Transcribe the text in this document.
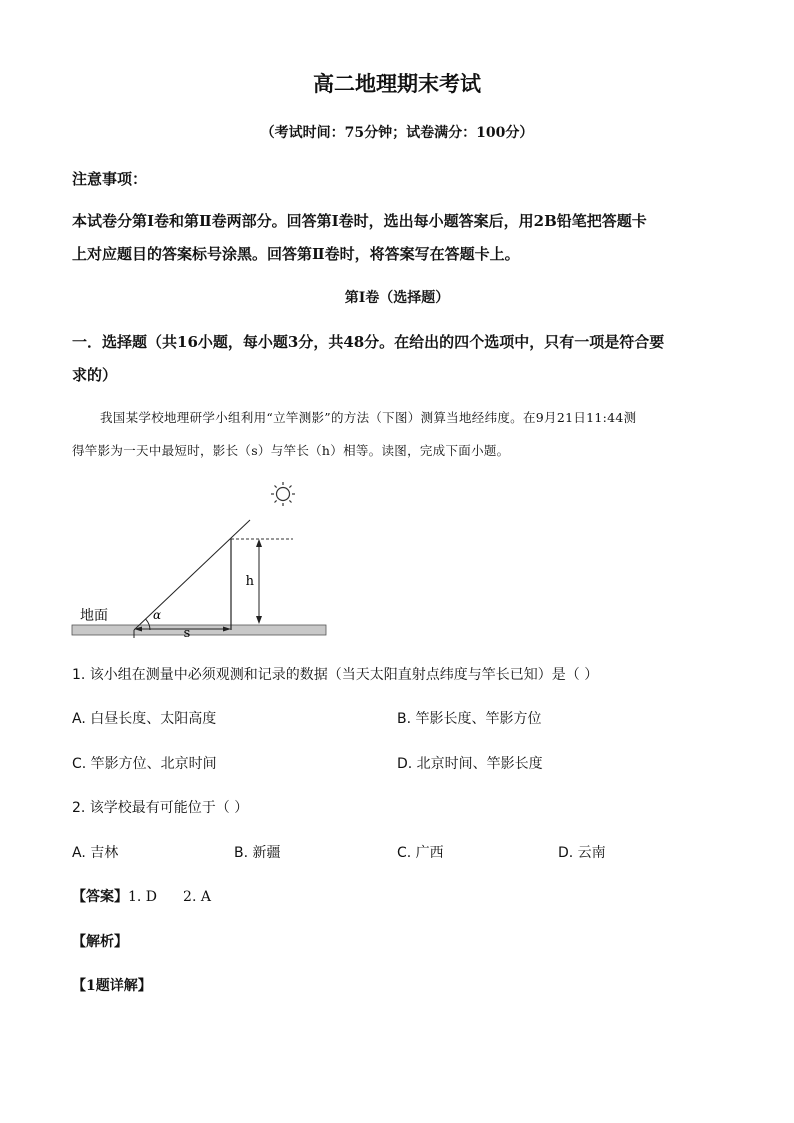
高二地理期末考试
（考试时间：75分钟；试卷满分：100分）
注意事项：
本试卷分第Ⅰ卷和第Ⅱ卷两部分。回答第Ⅰ卷时，选出每小题答案后，用2B铅笔把答题卡
上对应题目的答案标号涂黑。回答第Ⅱ卷时，将答案写在答题卡上。
第Ⅰ卷（选择题）
一．选择题（共16小题，每小题3分，共48分。在给出的四个选项中，只有一项是符合要
求的）
我国某学校地理研学小组利用“立竿测影”的方法（下图）测算当地经纬度。在9月21日11:44测
得竿影为一天中最短时，影长（s）与竿长（h）相等。读图，完成下面小题。
α
地面
h
s
1. 该小组在测量中必须观测和记录的数据（当天太阳直射点纬度与竿长已知）是（ ）
A. 白昼长度、太阳高度	B. 竿影长度、竿影方位
C. 竿影方位、北京时间	D. 北京时间、竿影长度
2. 该学校最有可能位于（ ）
A. 吉林	B. 新疆	C. 广西	D. 云南
【答案】1. D 2. A
【解析】
【1题详解】
